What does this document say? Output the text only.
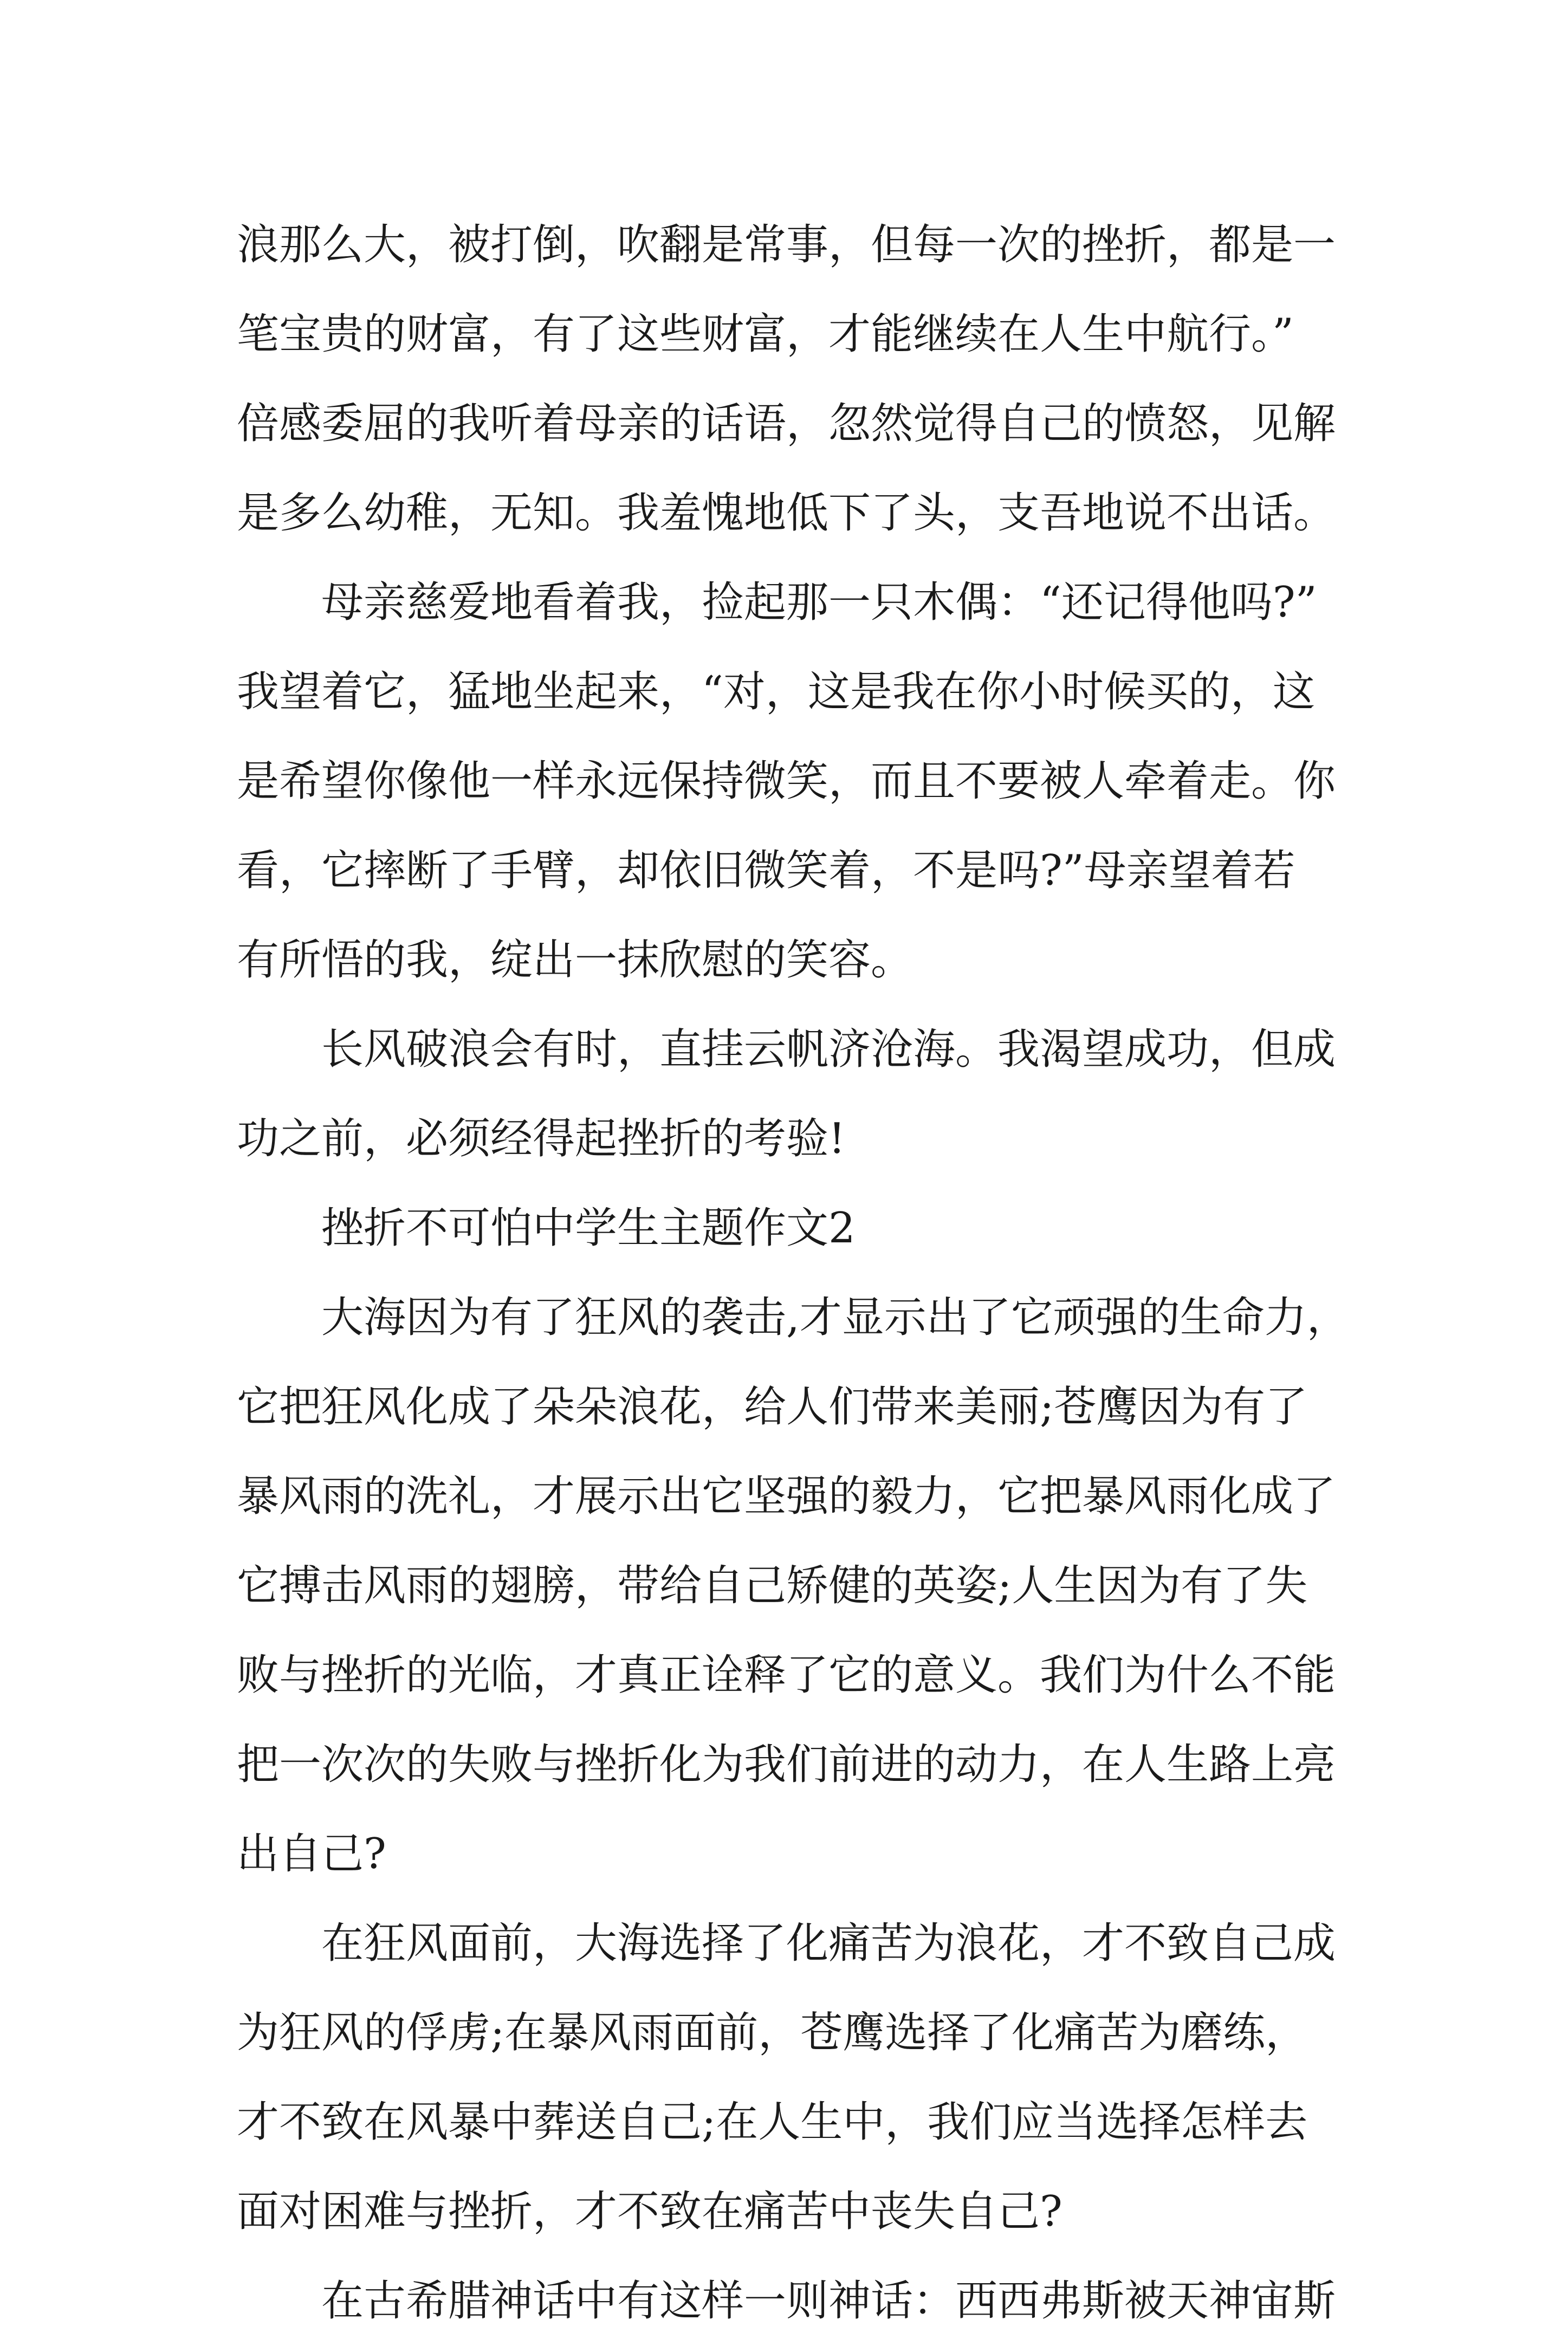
浪那么大，被打倒，吹翻是常事，但每一次的挫折，都是一
笔宝贵的财富，有了这些财富，才能继续在人生中航行。”
倍感委屈的我听着母亲的话语，忽然觉得自己的愤怒，见解
是多么幼稚，无知。我羞愧地低下了头，支吾地说不出话。
母亲慈爱地看着我，捡起那一只木偶：“还记得他吗?”
我望着它，猛地坐起来，“对，这是我在你小时候买的，这
是希望你像他一样永远保持微笑，而且不要被人牵着走。你
看，它摔断了手臂，却依旧微笑着，不是吗?”母亲望着若
有所悟的我，绽出一抹欣慰的笑容。
长风破浪会有时，直挂云帆济沧海。我渴望成功，但成
功之前，必须经得起挫折的考验!
挫折不可怕中学生主题作文2
大海因为有了狂风的袭击,才显示出了它顽强的生命力，
它把狂风化成了朵朵浪花，给人们带来美丽;苍鹰因为有了
暴风雨的洗礼，才展示出它坚强的毅力，它把暴风雨化成了
它搏击风雨的翅膀，带给自己矫健的英姿;人生因为有了失
败与挫折的光临，才真正诠释了它的意义。我们为什么不能
把一次次的失败与挫折化为我们前进的动力，在人生路上亮
出自己?
在狂风面前，大海选择了化痛苦为浪花，才不致自己成
为狂风的俘虏;在暴风雨面前，苍鹰选择了化痛苦为磨练，
才不致在风暴中葬送自己;在人生中，我们应当选择怎样去
面对困难与挫折，才不致在痛苦中丧失自己?
在古希腊神话中有这样一则神话：西西弗斯被天神宙斯
